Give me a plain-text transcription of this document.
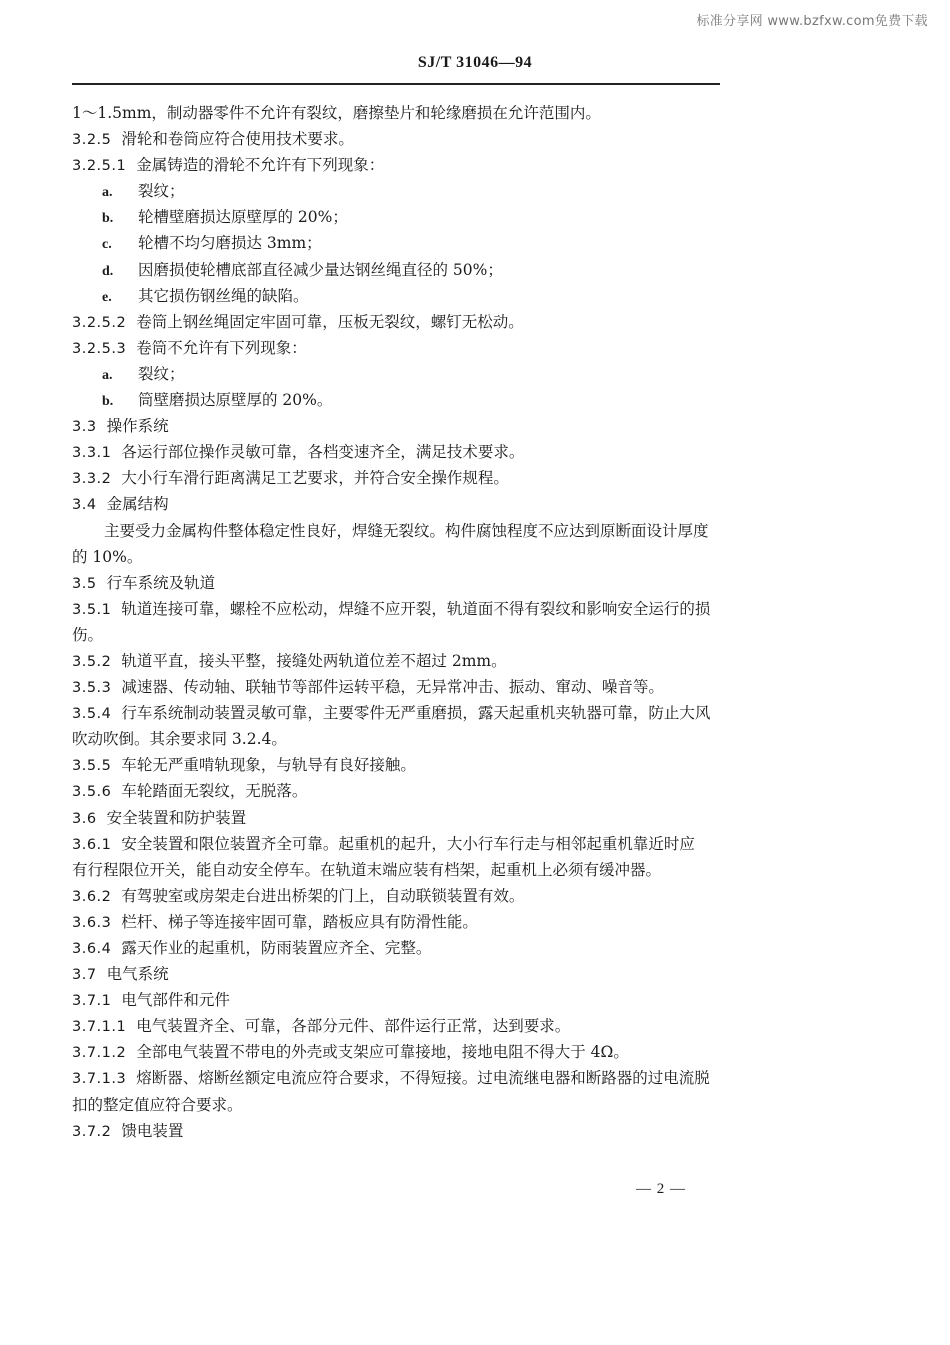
标准分享网 www.bzfxw.com免费下载
SJ/T 31046—94
1～1.5mm，制动器零件不允许有裂纹，磨擦垫片和轮缘磨损在允许范围内。
3.2.5 滑轮和卷筒应符合使用技术要求。
3.2.5.1 金属铸造的滑轮不允许有下列现象：
a. 裂纹；
b. 轮槽壁磨损达原壁厚的 20%；
c. 轮槽不均匀磨损达 3mm；
d. 因磨损使轮槽底部直径减少量达钢丝绳直径的 50%；
e. 其它损伤钢丝绳的缺陷。
3.2.5.2 卷筒上钢丝绳固定牢固可靠，压板无裂纹，螺钉无松动。
3.2.5.3 卷筒不允许有下列现象：
a. 裂纹；
b. 筒壁磨损达原壁厚的 20%。
3.3 操作系统
3.3.1 各运行部位操作灵敏可靠，各档变速齐全，满足技术要求。
3.3.2 大小行车滑行距离满足工艺要求，并符合安全操作规程。
3.4 金属结构
主要受力金属构件整体稳定性良好，焊缝无裂纹。构件腐蚀程度不应达到原断面设计厚度
的 10%。
3.5 行车系统及轨道
3.5.1 轨道连接可靠，螺栓不应松动，焊缝不应开裂，轨道面不得有裂纹和影响安全运行的损
伤。
3.5.2 轨道平直，接头平整，接缝处两轨道位差不超过 2mm。
3.5.3 减速器、传动轴、联轴节等部件运转平稳，无异常冲击、振动、窜动、噪音等。
3.5.4 行车系统制动装置灵敏可靠，主要零件无严重磨损，露天起重机夹轨器可靠，防止大风
吹动吹倒。其余要求同 3.2.4。
3.5.5 车轮无严重啃轨现象，与轨导有良好接触。
3.5.6 车轮踏面无裂纹，无脱落。
3.6 安全装置和防护装置
3.6.1 安全装置和限位装置齐全可靠。起重机的起升，大小行车行走与相邻起重机靠近时应
有行程限位开关，能自动安全停车。在轨道末端应装有档架，起重机上必须有缓冲器。
3.6.2 有驾驶室或房架走台进出桥架的门上，自动联锁装置有效。
3.6.3 栏杆、梯子等连接牢固可靠，踏板应具有防滑性能。
3.6.4 露天作业的起重机，防雨装置应齐全、完整。
3.7 电气系统
3.7.1 电气部件和元件
3.7.1.1 电气装置齐全、可靠，各部分元件、部件运行正常，达到要求。
3.7.1.2 全部电气装置不带电的外壳或支架应可靠接地，接地电阻不得大于 4Ω。
3.7.1.3 熔断器、熔断丝额定电流应符合要求，不得短接。过电流继电器和断路器的过电流脱
扣的整定值应符合要求。
3.7.2 馈电装置
— 2 —
